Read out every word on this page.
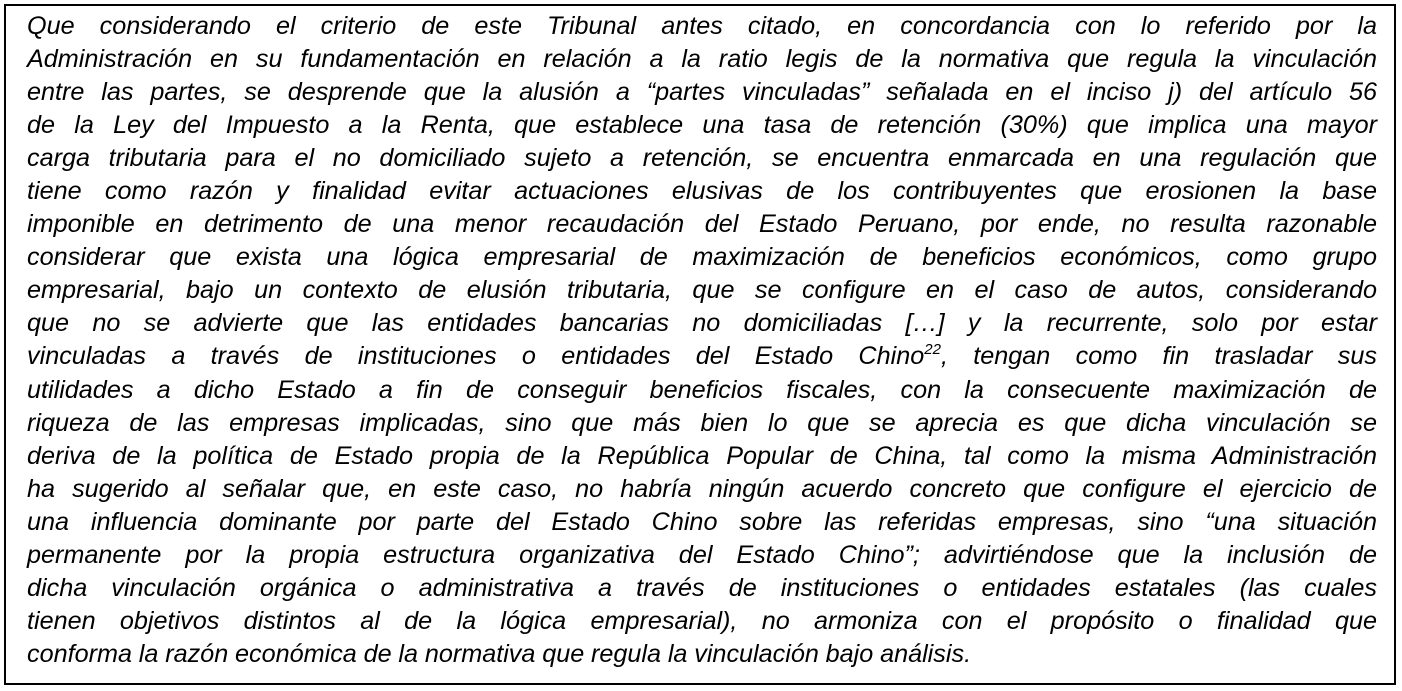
Que considerando el criterio de este Tribunal antes citado, en concordancia con lo referido por la
Administración en su fundamentación en relación a la ratio legis de la normativa que regula la vinculación
entre las partes, se desprende que la alusión a “partes vinculadas” señalada en el inciso j) del artículo 56
de la Ley del Impuesto a la Renta, que establece una tasa de retención (30%) que implica una mayor
carga tributaria para el no domiciliado sujeto a retención, se encuentra enmarcada en una regulación que
tiene como razón y finalidad evitar actuaciones elusivas de los contribuyentes que erosionen la base
imponible en detrimento de una menor recaudación del Estado Peruano, por ende, no resulta razonable
considerar que exista una lógica empresarial de maximización de beneficios económicos, como grupo
empresarial, bajo un contexto de elusión tributaria, que se configure en el caso de autos, considerando
que no se advierte que las entidades bancarias no domiciliadas […] y la recurrente, solo por estar
vinculadas a través de instituciones o entidades del Estado Chino$^{22}$, tengan como fin trasladar sus
utilidades a dicho Estado a fin de conseguir beneficios fiscales, con la consecuente maximización de
riqueza de las empresas implicadas, sino que más bien lo que se aprecia es que dicha vinculación se
deriva de la política de Estado propia de la República Popular de China, tal como la misma Administración
ha sugerido al señalar que, en este caso, no habría ningún acuerdo concreto que configure el ejercicio de
una influencia dominante por parte del Estado Chino sobre las referidas empresas, sino “una situación
permanente por la propia estructura organizativa del Estado Chino”; advirtiéndose que la inclusión de
dicha vinculación orgánica o administrativa a través de instituciones o entidades estatales (las cuales
tienen objetivos distintos al de la lógica empresarial), no armoniza con el propósito o finalidad que
conforma la razón económica de la normativa que regula la vinculación bajo análisis.
